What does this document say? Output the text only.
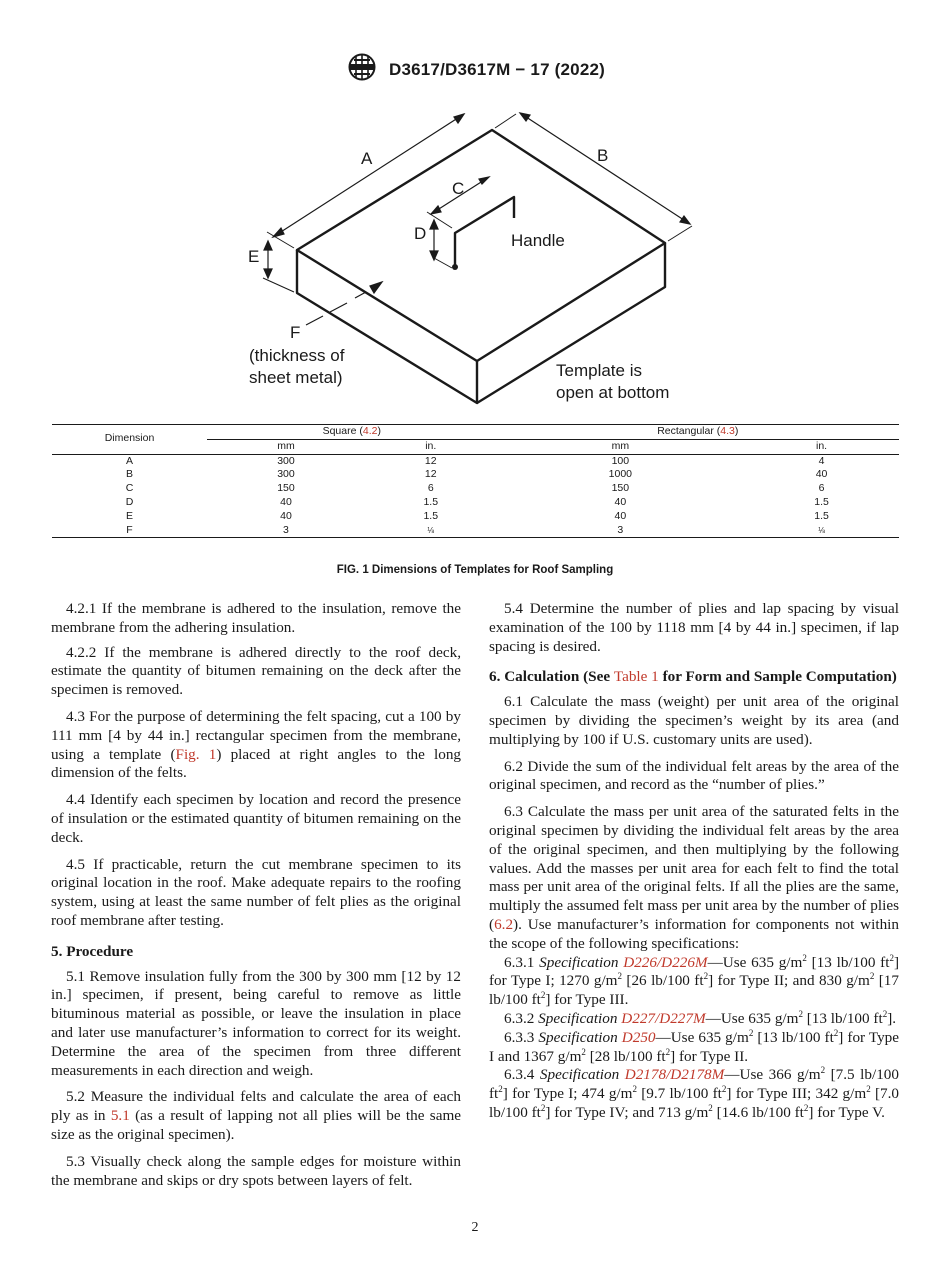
D3617/D3617M − 17 (2022)
A	B
C
D
E
F
Handle
(thickness of
sheet metal)	Template is
open at bottom
Dimension	Square (4.2)		Rectangular (4.3)	
	mm	in.	mm	in.
A	300	12	100	4
B	300	12	1000	40
C	150	6	150	6
D	40	1.5	40	1.5
E	40	1.5	40	1.5
F	3	⅛	3	⅛
FIG. 1 Dimensions of Templates for Roof Sampling

4.2.1 If the membrane is adhered to the insulation, remove the membrane from the adhering insulation.

4.2.2 If the membrane is adhered directly to the roof deck, estimate the quantity of bitumen remaining on the deck after the specimen is removed.

4.3 For the purpose of determining the felt spacing, cut a 100 by 111 mm [4 by 44 in.] rectangular specimen from the membrane, using a template (Fig. 1) placed at right angles to the long dimension of the felts.

4.4 Identify each specimen by location and record the presence of insulation or the estimated quantity of bitumen remaining on the deck.

4.5 If practicable, return the cut membrane specimen to its original location in the roof. Make adequate repairs to the roofing system, using at least the same number of felt plies as the original roof membrane after testing.

5. Procedure

5.1 Remove insulation fully from the 300 by 300 mm [12 by 12 in.] specimen, if present, being careful to remove as little bituminous material as possible, or leave the insulation in place and later use manufacturer’s information to correct for its weight. Determine the area of the specimen from three different measurements in each direction and weigh.

5.2 Measure the individual felts and calculate the area of each ply as in 5.1 (as a result of lapping not all plies will be the same size as the original specimen).

5.3 Visually check along the sample edges for moisture within the membrane and skips or dry spots between layers of felt.

5.4 Determine the number of plies and lap spacing by visual examination of the 100 by 1118 mm [4 by 44 in.] specimen, if lap spacing is desired.

6. Calculation (See Table 1 for Form and Sample Computation)

6.1 Calculate the mass (weight) per unit area of the original specimen by dividing the specimen’s weight by its area (and multiplying by 100 if U.S. customary units are used).

6.2 Divide the sum of the individual felt areas by the area of the original specimen, and record as the “number of plies.”

6.3 Calculate the mass per unit area of the saturated felts in the original specimen by dividing the individual felt areas by the area of the original specimen, and then multiplying by the following values. Add the masses per unit area for each felt to find the total mass per unit area of the original felts. If all the plies are the same, multiply the assumed felt mass per unit area by the number of plies (6.2). Use manufacturer’s information for components not within the scope of the following specifications:

6.3.1 Specification D226/D226M—Use 635 $g/m^2$ [13 lb/100 $ft^2$] for Type I; 1270 $g/m^2$ [26 lb/100 $ft^2$] for Type II; and 830 $g/m^2$ [17 lb/100 $ft^2$] for Type III.

6.3.2 Specification D227/D227M—Use 635 $g/m^2$ [13 lb/100 $ft^2$].

6.3.3 Specification D250—Use 635 $g/m^2$ [13 lb/100 $ft^2$] for Type I and 1367 $g/m^2$ [28 lb/100 $ft^2$] for Type II.

6.3.4 Specification D2178/D2178M—Use 366 $g/m^2$ [7.5 lb/100 $ft^2$] for Type I; 474 $g/m^2$ [9.7 lb/100 $ft^2$] for Type III; 342 $g/m^2$ [7.0 lb/100 $ft^2$] for Type IV; and 713 $g/m^2$ [14.6 lb/100 $ft^2$] for Type V.

2
